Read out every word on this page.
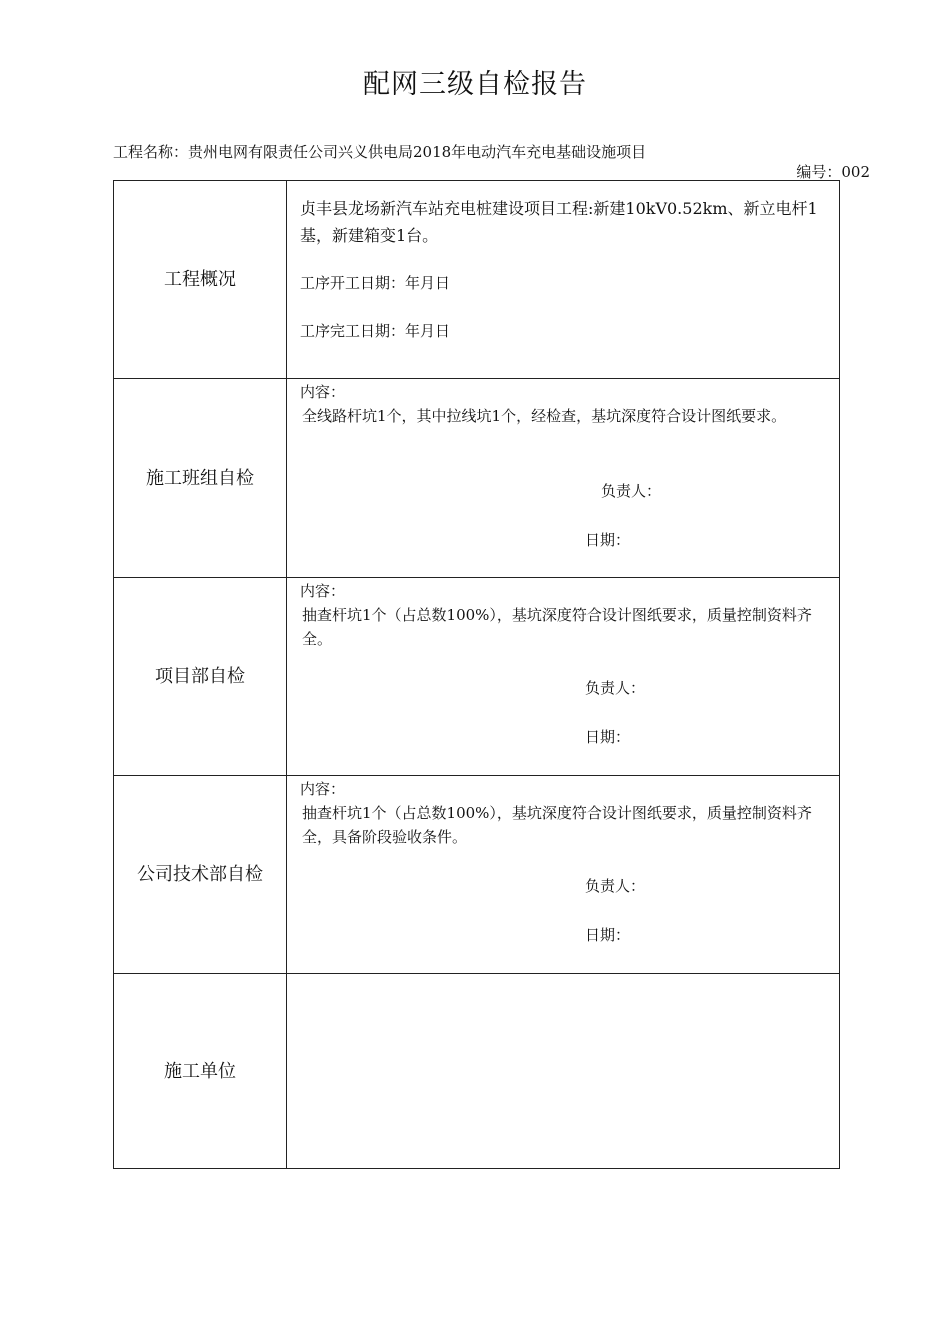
配网三级自检报告
工程名称：贵州电网有限责任公司兴义供电局2018年电动汽车充电基础设施项目
编号：002
工程概况	贞丰县龙场新汽车站充电桩建设项目工程:新建10kV0.52km、新立电杆1基，新建箱变1台。
工序开工日期：年月日
工序完工日期：年月日

施工班组自检	内容：
全线路杆坑1个，其中拉线坑1个，经检查，基坑深度符合设计图纸要求。
负责人：
日期：

项目部自检	内容：
抽查杆坑1个（占总数100%），基坑深度符合设计图纸要求，质量控制资料齐全。
负责人：
日期：

公司技术部自检	内容：
抽查杆坑1个（占总数100%），基坑深度符合设计图纸要求，质量控制资料齐全，具备阶段验收条件。
负责人：
日期：

施工单位	
